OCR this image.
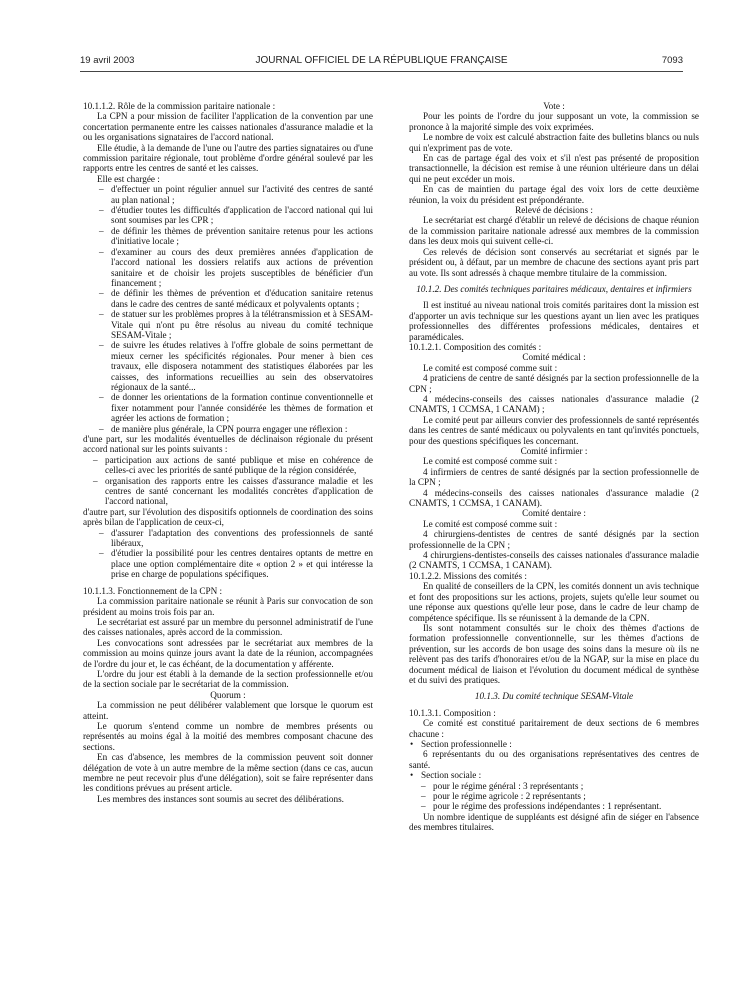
19 avril 2003	JOURNAL OFFICIEL DE LA RÉPUBLIQUE FRANÇAISE	7093

10.1.1.2. Rôle de la commission paritaire nationale :

La CPN a pour mission de faciliter l'application de la convention par une concertation permanente entre les caisses nationales d'assurance maladie et la ou les organisations signataires de l'accord national.

Elle étudie, à la demande de l'une ou l'autre des parties signataires ou d'une commission paritaire régionale, tout problème d'ordre général soulevé par les rapports entre les centres de santé et les caisses.

Elle est chargée :

– d'effectuer un point régulier annuel sur l'activité des centres de santé au plan national ;
– d'étudier toutes les difficultés d'application de l'accord national qui lui sont soumises par les CPR ;
– de définir les thèmes de prévention sanitaire retenus pour les actions d'initiative locale ;
– d'examiner au cours des deux premières années d'application de l'accord national les dossiers relatifs aux actions de prévention sanitaire et de choisir les projets susceptibles de bénéficier d'un financement ;
– de définir les thèmes de prévention et d'éducation sanitaire retenus dans le cadre des centres de santé médicaux et polyvalents optants ;
– de statuer sur les problèmes propres à la télétransmission et à SESAM-Vitale qui n'ont pu être résolus au niveau du comité technique SESAM-Vitale ;
– de suivre les études relatives à l'offre globale de soins permettant de mieux cerner les spécificités régionales. Pour mener à bien ces travaux, elle disposera notamment des statistiques élaborées par les caisses, des informations recueillies au sein des observatoires régionaux de la santé...
– de donner les orientations de la formation continue conventionnelle et fixer notamment pour l'année considérée les thèmes de formation et agréer les actions de formation ;
– de manière plus générale, la CPN pourra engager une réflexion :

d'une part, sur les modalités éventuelles de déclinaison régionale du présent accord national sur les points suivants :

– participation aux actions de santé publique et mise en cohérence de celles-ci avec les priorités de santé publique de la région considérée,
– organisation des rapports entre les caisses d'assurance maladie et les centres de santé concernant les modalités concrètes d'application de l'accord national,

d'autre part, sur l'évolution des dispositifs optionnels de coordination des soins après bilan de l'application de ceux-ci,

– d'assurer l'adaptation des conventions des professionnels de santé libéraux,
– d'étudier la possibilité pour les centres dentaires optants de mettre en place une option complémentaire dite « option 2 » et qui intéresse la prise en charge de populations spécifiques.

10.1.1.3. Fonctionnement de la CPN :

La commission paritaire nationale se réunit à Paris sur convocation de son président au moins trois fois par an.

Le secrétariat est assuré par un membre du personnel administratif de l'une des caisses nationales, après accord de la commission.

Les convocations sont adressées par le secrétariat aux membres de la commission au moins quinze jours avant la date de la réunion, accompagnées de l'ordre du jour et, le cas échéant, de la documentation y afférente.

L'ordre du jour est établi à la demande de la section professionnelle et/ou de la section sociale par le secrétariat de la commission.

Quorum :

La commission ne peut délibérer valablement que lorsque le quorum est atteint.

Le quorum s'entend comme un nombre de membres présents ou représentés au moins égal à la moitié des membres composant chacune des sections.

En cas d'absence, les membres de la commission peuvent soit donner délégation de vote à un autre membre de la même section (dans ce cas, aucun membre ne peut recevoir plus d'une délégation), soit se faire représenter dans les conditions prévues au présent article.

Les membres des instances sont soumis au secret des délibérations.

Vote :

Pour les points de l'ordre du jour supposant un vote, la commission se prononce à la majorité simple des voix exprimées.

Le nombre de voix est calculé abstraction faite des bulletins blancs ou nuls qui n'expriment pas de vote.

En cas de partage égal des voix et s'il n'est pas présenté de proposition transactionnelle, la décision est remise à une réunion ultérieure dans un délai qui ne peut excéder un mois.

En cas de maintien du partage égal des voix lors de cette deuxième réunion, la voix du président est prépondérante.

Relevé de décisions :

Le secrétariat est chargé d'établir un relevé de décisions de chaque réunion de la commission paritaire nationale adressé aux membres de la commission dans les deux mois qui suivent celle-ci.

Ces relevés de décision sont conservés au secrétariat et signés par le président ou, à défaut, par un membre de chacune des sections ayant pris part au vote. Ils sont adressés à chaque membre titulaire de la commission.

10.1.2. Des comités techniques paritaires médicaux, dentaires et infirmiers

Il est institué au niveau national trois comités paritaires dont la mission est d'apporter un avis technique sur les questions ayant un lien avec les pratiques professionnelles des différentes professions médicales, dentaires et paramédicales.

10.1.2.1. Composition des comités :

Comité médical :

Le comité est composé comme suit :

4 praticiens de centre de santé désignés par la section professionnelle de la CPN ;

4 médecins-conseils des caisses nationales d'assurance maladie (2 CNAMTS, 1 CCMSA, 1 CANAM) ;

Le comité peut par ailleurs convier des professionnels de santé représentés dans les centres de santé médicaux ou polyvalents en tant qu'invités ponctuels, pour des questions spécifiques les concernant.

Comité infirmier :

Le comité est composé comme suit :

4 infirmiers de centres de santé désignés par la section professionnelle de la CPN ;

4 médecins-conseils des caisses nationales d'assurance maladie (2 CNAMTS, 1 CCMSA, 1 CANAM).

Comité dentaire :

Le comité est composé comme suit :

4 chirurgiens-dentistes de centres de santé désignés par la section professionnelle de la CPN ;

4 chirurgiens-dentistes-conseils des caisses nationales d'assurance maladie (2 CNAMTS, 1 CCMSA, 1 CANAM).

10.1.2.2. Missions des comités :

En qualité de conseillers de la CPN, les comités donnent un avis technique et font des propositions sur les actions, projets, sujets qu'elle leur soumet ou une réponse aux questions qu'elle leur pose, dans le cadre de leur champ de compétence spécifique. Ils se réunissent à la demande de la CPN.

Ils sont notamment consultés sur le choix des thèmes d'actions de formation professionnelle conventionnelle, sur les thèmes d'actions de prévention, sur les accords de bon usage des soins dans la mesure où ils ne relèvent pas des tarifs d'honoraires et/ou de la NGAP, sur la mise en place du document médical de liaison et l'évolution du document médical de synthèse et du suivi des pratiques.

10.1.3. Du comité technique SESAM-Vitale

10.1.3.1. Composition :

Ce comité est constitué paritairement de deux sections de 6 membres chacune :

• Section professionnelle :

6 représentants du ou des organisations représentatives des centres de santé.

• Section sociale :
– pour le régime général : 3 représentants ;
– pour le régime agricole : 2 représentants ;
– pour le régime des professions indépendantes : 1 représentant.

Un nombre identique de suppléants est désigné afin de siéger en l'absence des membres titulaires.
